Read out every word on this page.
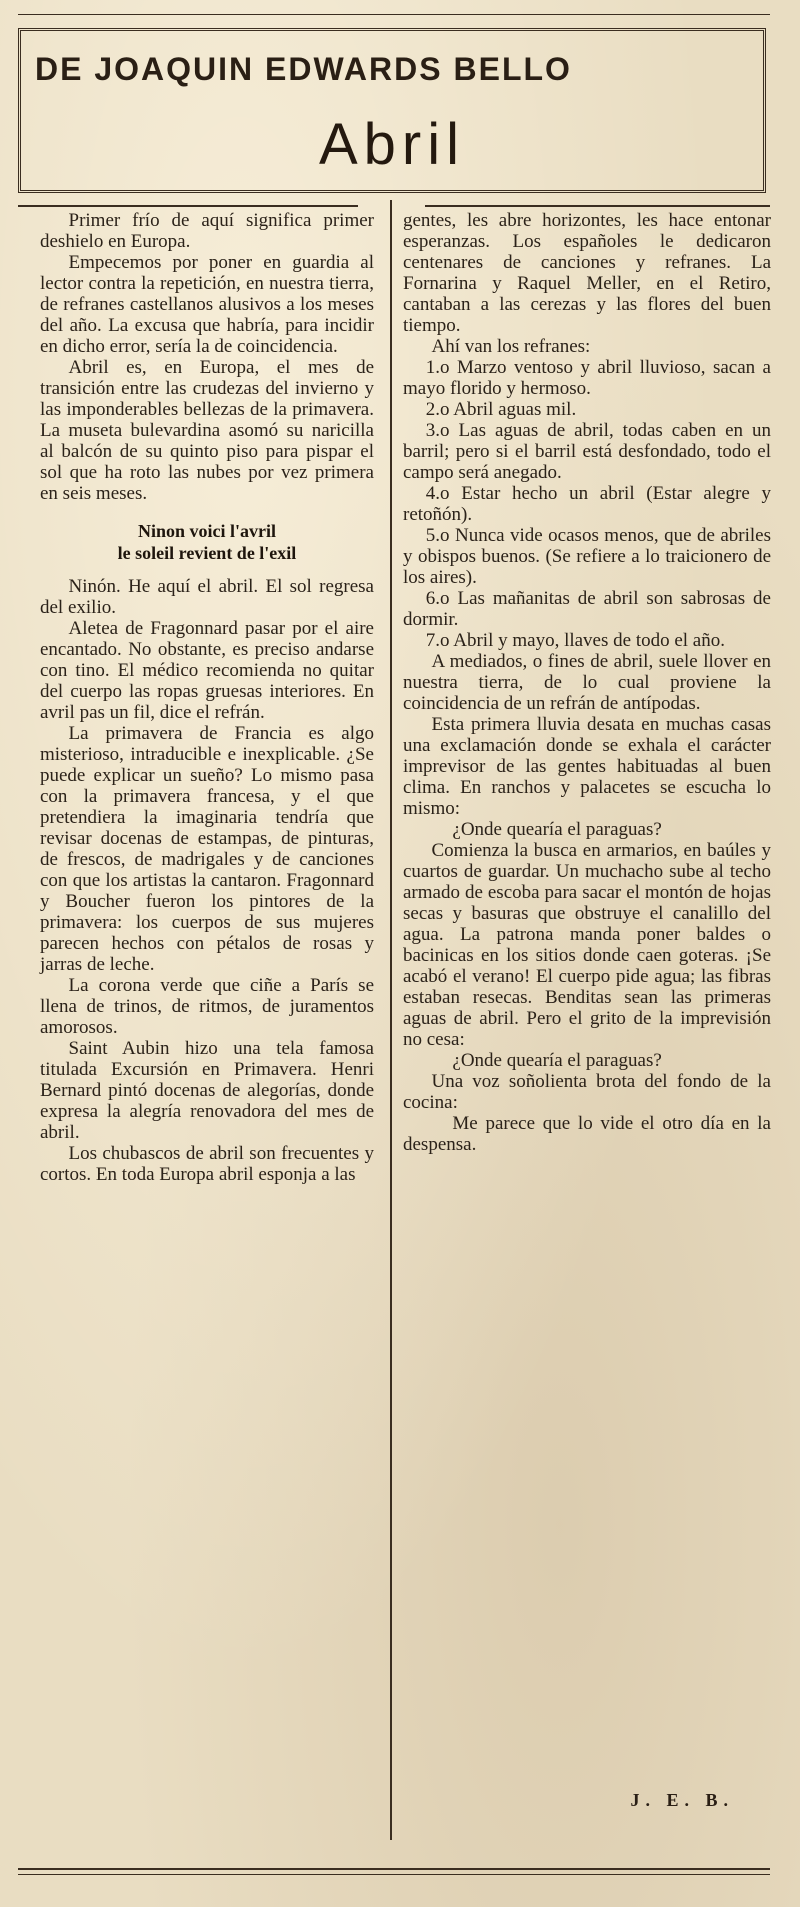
DE JOAQUIN EDWARDS BELLO
Abril

Primer frío de aquí significa primer deshielo en Europa.

Empecemos por poner en guardia al lector contra la repetición, en nuestra tierra, de refranes castellanos alusivos a los meses del año. La excusa que habría, para incidir en dicho error, sería la de coincidencia.

Abril es, en Europa, el mes de transición entre las crudezas del invierno y las imponderables bellezas de la primavera. La museta bulevardina asomó su naricilla al balcón de su quinto piso para pispar el sol que ha roto las nubes por vez primera en seis meses.

Ninon voici l'avril
le soleil revient de l'exil

Ninón. He aquí el abril. El sol regresa del exilio.

Aletea de Fragonnard pasar por el aire encantado. No obstante, es preciso andarse con tino. El médico recomienda no quitar del cuerpo las ropas gruesas interiores. En avril pas un fil, dice el refrán.

La primavera de Francia es algo misterioso, intraducible e inexplicable. ¿Se puede explicar un sueño? Lo mismo pasa con la primavera francesa, y el que pretendiera la imaginaria tendría que revisar docenas de estampas, de pinturas, de frescos, de madrigales y de canciones con que los artistas la cantaron. Fragonnard y Boucher fueron los pintores de la primavera: los cuerpos de sus mujeres parecen hechos con pétalos de rosas y jarras de leche.

La corona verde que ciñe a París se llena de trinos, de ritmos, de juramentos amorosos.

Saint Aubin hizo una tela famosa titulada Excursión en Primavera. Henri Bernard pintó docenas de alegorías, donde expresa la alegría renovadora del mes de abril.

Los chubascos de abril son frecuentes y cortos. En toda Europa abril esponja a las

gentes, les abre horizontes, les hace entonar esperanzas. Los españoles le dedicaron centenares de canciones y refranes. La Fornarina y Raquel Meller, en el Retiro, cantaban a las cerezas y las flores del buen tiempo.

Ahí van los refranes:

1.o Marzo ventoso y abril lluvioso, sacan a mayo florido y hermoso.

2.o Abril aguas mil.

3.o Las aguas de abril, todas caben en un barril; pero si el barril está desfondado, todo el campo será anegado.

4.o Estar hecho un abril (Estar alegre y retoñón).

5.o Nunca vide ocasos menos, que de abriles y obispos buenos. (Se refiere a lo traicionero de los aires).

6.o Las mañanitas de abril son sabrosas de dormir.

7.o Abril y mayo, llaves de todo el año.

A mediados, o fines de abril, suele llover en nuestra tierra, de lo cual proviene la coincidencia de un refrán de antípodas.

Esta primera lluvia desata en muchas casas una exclamación donde se exhala el carácter imprevisor de las gentes habituadas al buen clima. En ranchos y palacetes se escucha lo mismo:

¿Onde quearía el paraguas?

Comienza la busca en armarios, en baúles y cuartos de guardar. Un muchacho sube al techo armado de escoba para sacar el montón de hojas secas y basuras que obstruye el canalillo del agua. La patrona manda poner baldes o bacinicas en los sitios donde caen goteras. ¡Se acabó el verano! El cuerpo pide agua; las fibras estaban resecas. Benditas sean las primeras aguas de abril. Pero el grito de la imprevisión no cesa:

¿Onde quearía el paraguas?

Una voz soñolienta brota del fondo de la cocina:

Me parece que lo vide el otro día en la despensa.

J. E. B.
